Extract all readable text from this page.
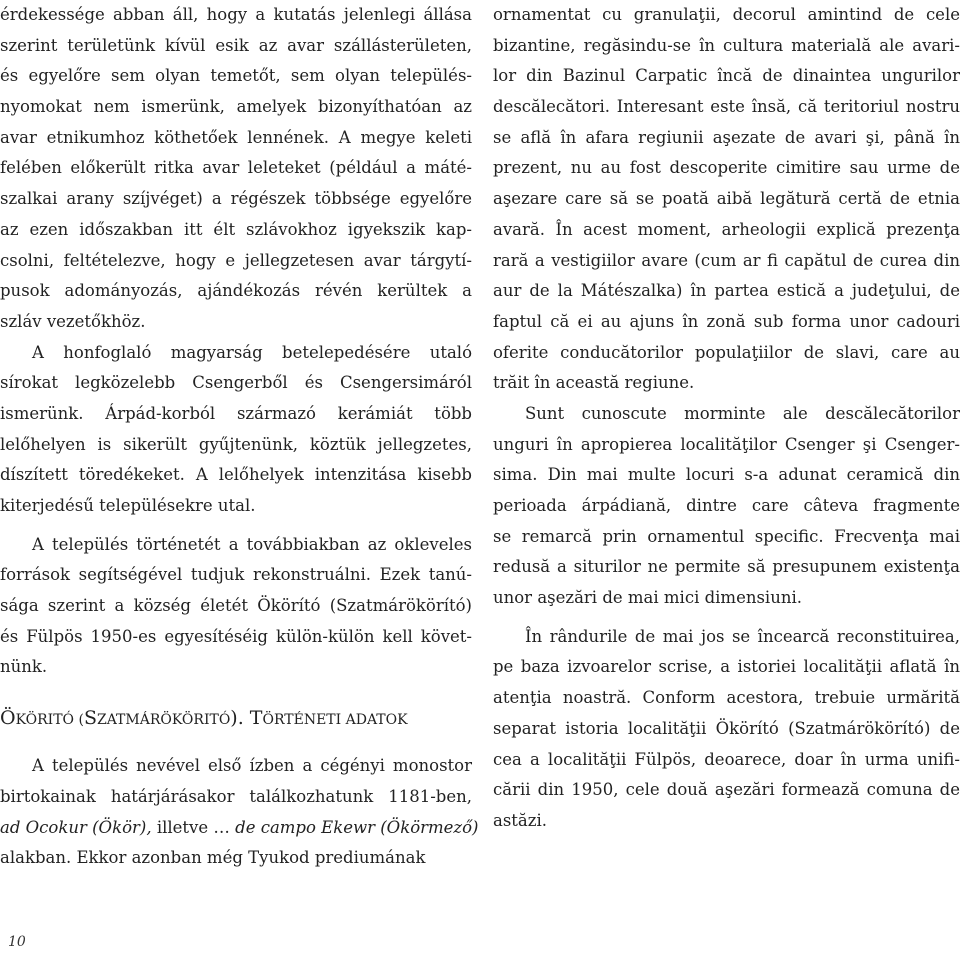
érdekessége abban áll, hogy a kutatás jelenlegi állása
szerint területünk kívül esik az avar szállásterületen,
és egyelőre sem olyan temetőt, sem olyan település-
nyomokat nem ismerünk, amelyek bizonyíthatóan az
avar etnikumhoz köthetőek lennének. A megye keleti
felében előkerült ritka avar leleteket (például a máté-
szalkai arany szíjvéget) a régészek többsége egyelőre
az ezen időszakban itt élt szlávokhoz igyekszik kap-
csolni, feltételezve, hogy e jellegzetesen avar tárgytí-
pusok adományozás, ajándékozás révén kerültek a
szláv vezetőkhöz.
A honfoglaló magyarság betelepedésére utaló
sírokat legközelebb Csengerből és Csengersimáról
ismerünk. Árpád-korból származó kerámiát több
lelőhelyen is sikerült gyűjtenünk, köztük jellegzetes,
díszített töredékeket. A lelőhelyek intenzitása kisebb
kiterjedésű településekre utal.
A település történetét a továbbiakban az okleveles
források segítségével tudjuk rekonstruálni. Ezek tanú-
sága szerint a község életét Ökörító (Szatmárökörító)
és Fülpös 1950-es egyesítéséig külön-külön kell követ-
nünk.
ÖKÖRITÓ (SZATMÁRÖKÖRITÓ). TÖRTÉNETI ADATOK
A település nevével első ízben a cégényi monostor
birtokainak határjárásakor találkozhatunk 1181-ben,
ad Ocokur (Ökör), illetve … de campo Ekewr (Ökörmező)
alakban. Ekkor azonban még Tyukod prediumának
ornamentat cu granulaţii, decorul amintind de cele
bizantine, regăsindu-se în cultura materială ale avari-
lor din Bazinul Carpatic încă de dinaintea ungurilor
descălecători. Interesant este însă, că teritoriul nostru
se află în afara regiunii aşezate de avari şi, până în
prezent, nu au fost descoperite cimitire sau urme de
aşezare care să se poată aibă legătură certă de etnia
avară. În acest moment, arheologii explică prezenţa
rară a vestigiilor avare (cum ar fi capătul de curea din
aur de la Mátészalka) în partea estică a judeţului, de
faptul că ei au ajuns în zonă sub forma unor cadouri
oferite conducătorilor populaţiilor de slavi, care au
trăit în această regiune.
Sunt cunoscute morminte ale descălecătorilor
unguri în apropierea localităţilor Csenger şi Csenger-
sima. Din mai multe locuri s-a adunat ceramică din
perioada árpádiană, dintre care câteva fragmente
se remarcă prin ornamentul specific. Frecvenţa mai
redusă a siturilor ne permite să presupunem existenţa
unor aşezări de mai mici dimensiuni.
În rândurile de mai jos se încearcă reconstituirea,
pe baza izvoarelor scrise, a istoriei localităţii aflată în
atenţia noastră. Conform acestora, trebuie urmărită
separat istoria localităţii Ökörító (Szatmárökörító) de
cea a localităţii Fülpös, deoarece, doar în urma unifi-
cării din 1950, cele două aşezări formează comuna de
astăzi.
10
